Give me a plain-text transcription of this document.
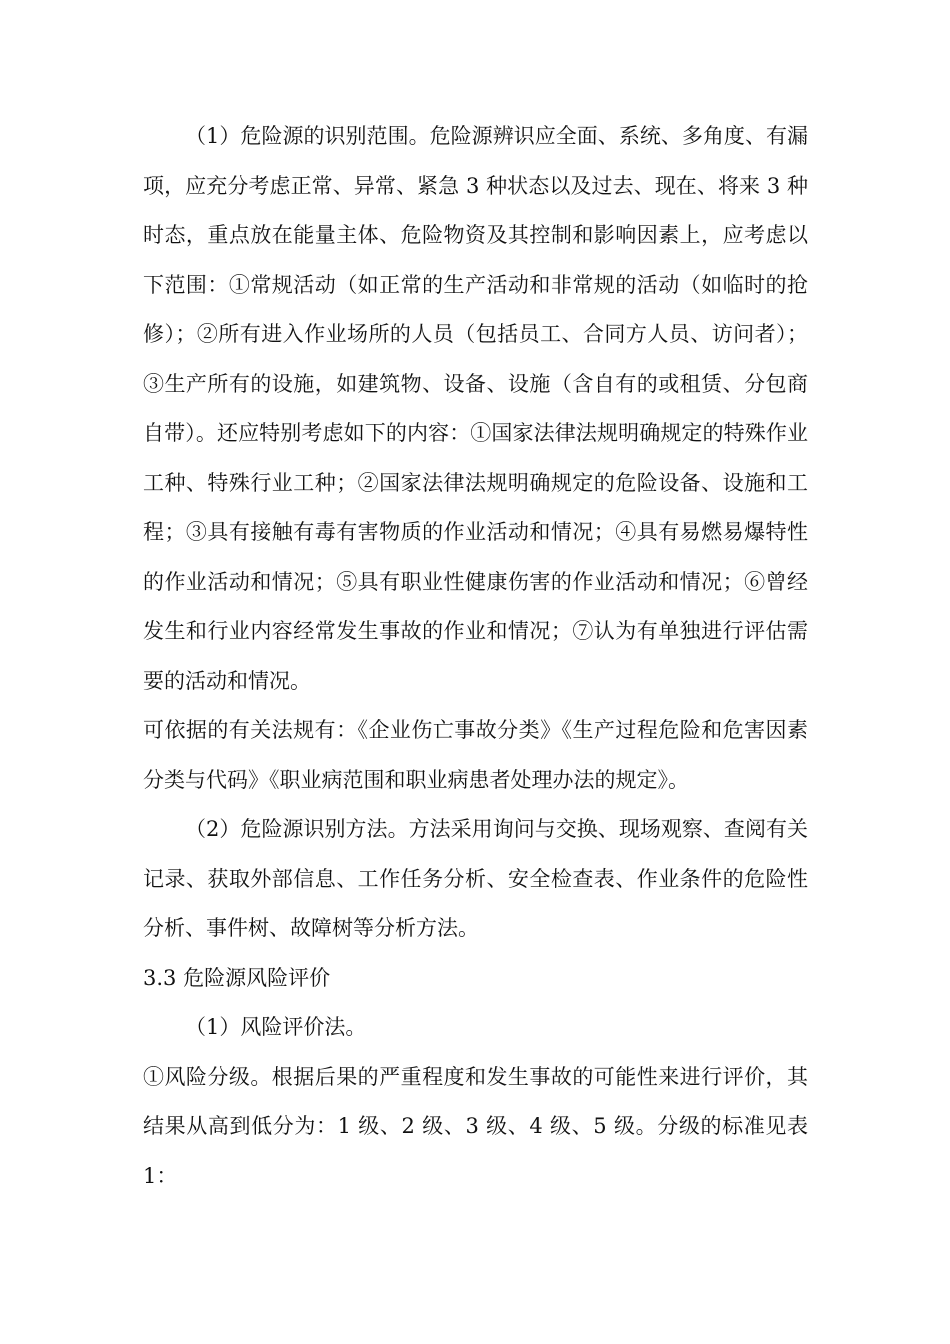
（1）危险源的识别范围。危险源辨识应全面、系统、多角度、有漏项，应充分考虑正常、异常、紧急 3 种状态以及过去、现在、将来 3 种时态，重点放在能量主体、危险物资及其控制和影响因素上，应考虑以下范围：①常规活动（如正常的生产活动和非常规的活动（如临时的抢修）；②所有进入作业场所的人员（包括员工、合同方人员、访问者）；③生产所有的设施，如建筑物、设备、设施（含自有的或租赁、分包商自带）。还应特别考虑如下的内容：①国家法律法规明确规定的特殊作业工种、特殊行业工种；②国家法律法规明确规定的危险设备、设施和工程；③具有接触有毒有害物质的作业活动和情况；④具有易燃易爆特性的作业活动和情况；⑤具有职业性健康伤害的作业活动和情况；⑥曾经发生和行业内容经常发生事故的作业和情况；⑦认为有单独进行评估需要的活动和情况。

可依据的有关法规有：《企业伤亡事故分类》《生产过程危险和危害因素分类与代码》《职业病范围和职业病患者处理办法的规定》。

（2）危险源识别方法。方法采用询问与交换、现场观察、查阅有关记录、获取外部信息、工作任务分析、安全检查表、作业条件的危险性分析、事件树、故障树等分析方法。

3.3 危险源风险评价

（1）风险评价法。

①风险分级。根据后果的严重程度和发生事故的可能性来进行评价，其结果从高到低分为：1 级、2 级、3 级、4 级、5 级。分级的标准见表 1：
